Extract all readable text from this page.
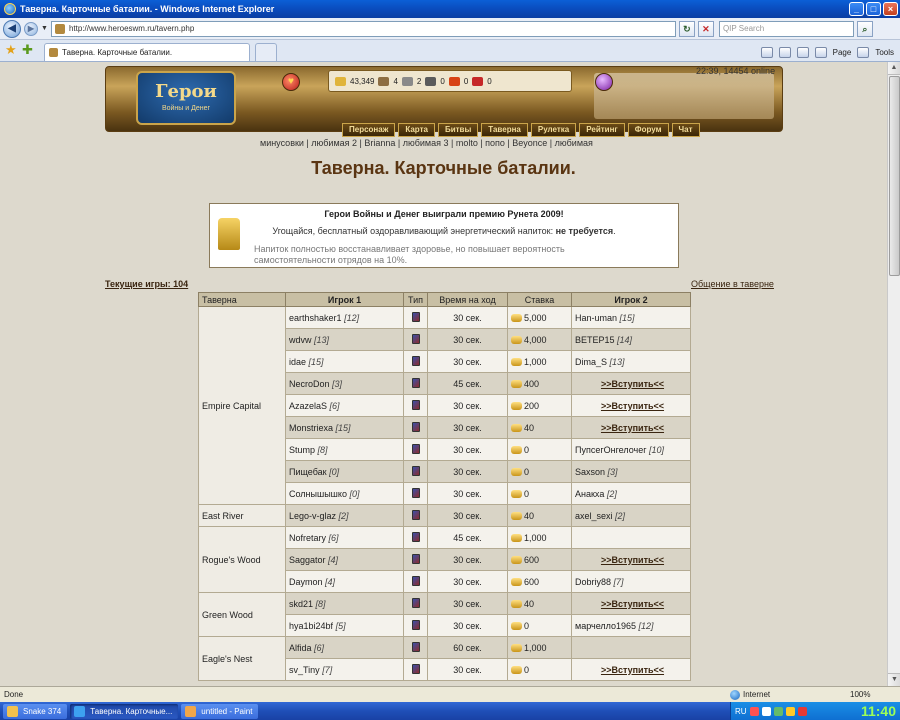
Таверна. Карточные баталии. - Windows Internet Explorer	_	□	×
◀	▶ ▼	http://www.heroeswm.ru/tavern.php	↻	✕	QIP Search	⌕
★ ✚	Таверна. Карточные баталии.	Page	Tools
Герои
Войны и Денег
♥	43,349 4 2 0 0 0
Персонаж	Карта	Битвы	Таверна	Рулетка	Рейтинг	Форум	Чат
22:39, 14454 online
минусовки | любимая 2 | Brianna | любимая 3 | molto | попо | Beyonce | любимая
Таверна. Карточные баталии.
Герои Войны и Денег выиграли премию Рунета 2009!
Угощайся, бесплатный оздоравливающий энергетический напиток: не требуется.
Напиток полностью восстанавливает здоровье, но повышает вероятность самостоятельности отрядов на 10%.
Текущие игры: 104	Общение в таверне
Таверна	Игрок 1	Тип	Время на ход	Ставка	Игрок 2
Empire Capital	earthshaker1 [12]		30 сек.	5,000	Han-uman [15]
	wdvw [13]		30 сек.	4,000	BETEP15 [14]
	idae [15]		30 сек.	1,000	Dima_S [13]
	NecroDon [3]		45 сек.	400	>>Вступить<<

	AzazelaS [6]		30 сек.	200	>>Вступить<<

	Monstriexa [15]		30 сек.	40	>>Вступить<<

	Stump [8]		30 сек.	0	ПупсегОнгелочег [10]
	Пищебак [0]		30 сек.	0	Saxson [3]
	Солнышышко [0]		30 сек.	0	Анакха [2]
East River	Lego-v-glaz [2]		30 сек.	40	axel_sexi [2]
Rogue's Wood	Nofretary [6]		45 сек.	1,000	
	Saggator [4]		30 сек.	600	>>Вступить<<

	Daymon [4]		30 сек.	600	Dobriy88 [7]
Green Wood	skd21 [8]		30 сек.	40	>>Вступить<<

	hya1bi24bf [5]		30 сек.	0	марчелло1965 [12]
Eagle's Nest	Alfida [6]		60 сек.	1,000	
	sv_Tiny [7]		30 сек.	0	>>Вступить<<
▲
▼
Done	Internet	100%
Snake 374	Таверна. Карточные...	untitled - Paint	RU	11:40
